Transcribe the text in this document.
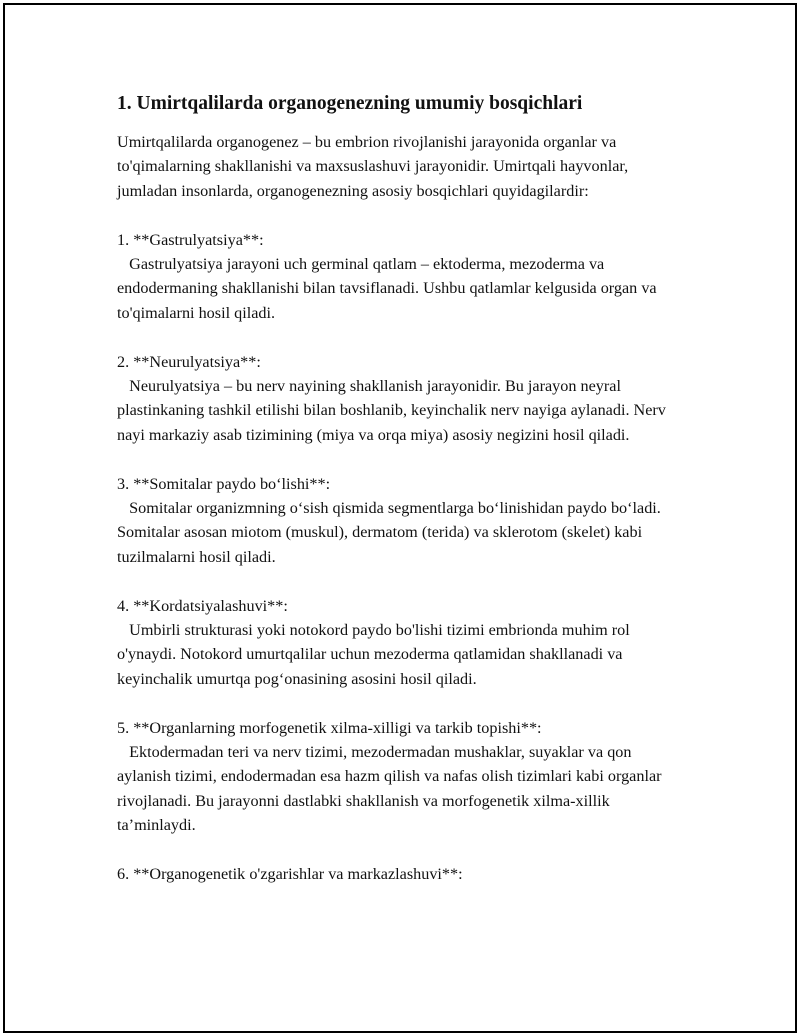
1. Umirtqalilarda organogenezning umumiy bosqichlari

Umirtqalilarda organogenez – bu embrion rivojlanishi jarayonida organlar va to'qimalarning shakllanishi va maxsuslashuvi jarayonidir. Umirtqali hayvonlar, jumladan insonlarda, organogenezning asosiy bosqichlari quyidagilardir:

1. **Gastrulyatsiya**:
Gastrulyatsiya jarayoni uch germinal qatlam – ektoderma, mezoderma va endodermaning shakllanishi bilan tavsiflanadi. Ushbu qatlamlar kelgusida organ va to'qimalarni hosil qiladi.
2. **Neurulyatsiya**:
Neurulyatsiya – bu nerv nayining shakllanish jarayonidir. Bu jarayon neyral plastinkaning tashkil etilishi bilan boshlanib, keyinchalik nerv nayiga aylanadi. Nerv nayi markaziy asab tizimining (miya va orqa miya) asosiy negizini hosil qiladi.
3. **Somitalar paydo bo‘lishi**:
Somitalar organizmning o‘sish qismida segmentlarga bo‘linishidan paydo bo‘ladi. Somitalar asosan miotom (muskul), dermatom (terida) va sklerotom (skelet) kabi tuzilmalarni hosil qiladi.
4. **Kordatsiyalashuvi**:
Umbirli strukturasi yoki notokord paydo bo'lishi tizimi embrionda muhim rol o'ynaydi. Notokord umurtqalilar uchun mezoderma qatlamidan shakllanadi va keyinchalik umurtqa pog‘onasining asosini hosil qiladi.
5. **Organlarning morfogenetik xilma-xilligi va tarkib topishi**:
Ektodermadan teri va nerv tizimi, mezodermadan mushaklar, suyaklar va qon aylanish tizimi, endodermadan esa hazm qilish va nafas olish tizimlari kabi organlar rivojlanadi. Bu jarayonni dastlabki shakllanish va morfogenetik xilma-xillik ta’minlaydi.
6. **Organogenetik o'zgarishlar va markazlashuvi**:
